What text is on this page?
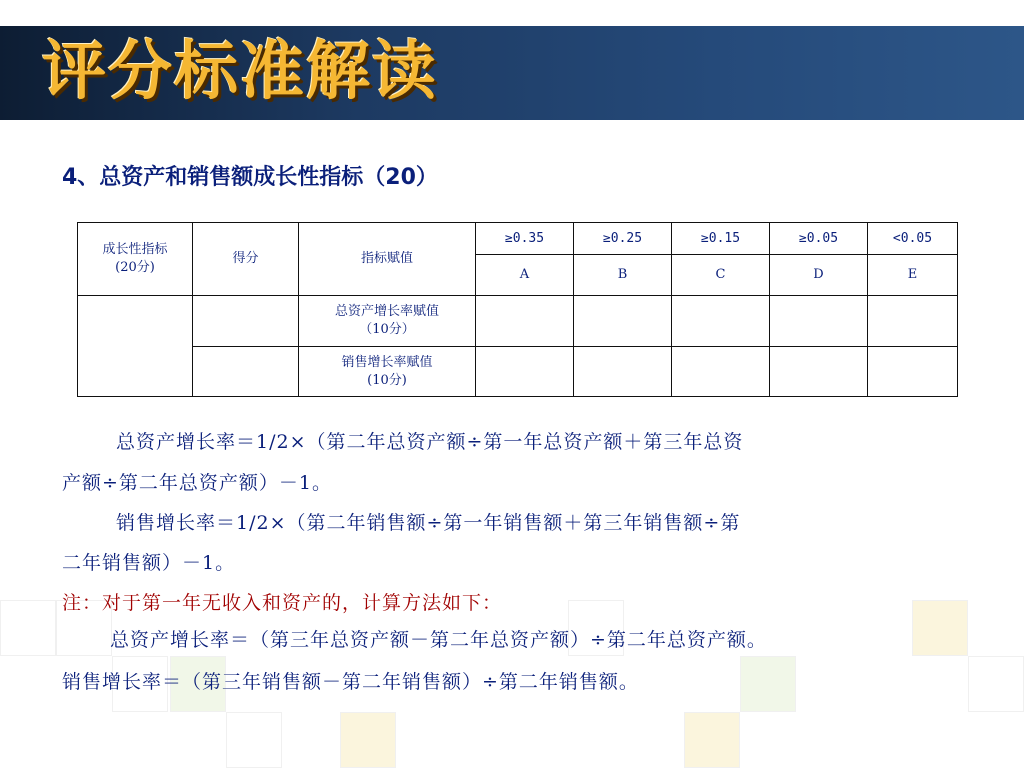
评分标准解读
4、总资产和销售额成长性指标（20）
成长性指标
(20分)	得分	指标赋值	≥0.35	≥0.25	≥0.15	≥0.05	<0.05
			A	B	C	D	E

		总资产增长率赋值
（10分）					

		销售增长率赋值
(10分)					

总资产增长率＝1/2×（第二年总资产额÷第一年总资产额＋第三年总资
产额÷第二年总资产额）－1。
销售增长率＝1/2×（第二年销售额÷第一年销售额＋第三年销售额÷第
二年销售额）－1。
注：对于第一年无收入和资产的，计算方法如下：
总资产增长率＝（第三年总资产额－第二年总资产额）÷第二年总资产额。
销售增长率＝（第三年销售额－第二年销售额）÷第二年销售额。
